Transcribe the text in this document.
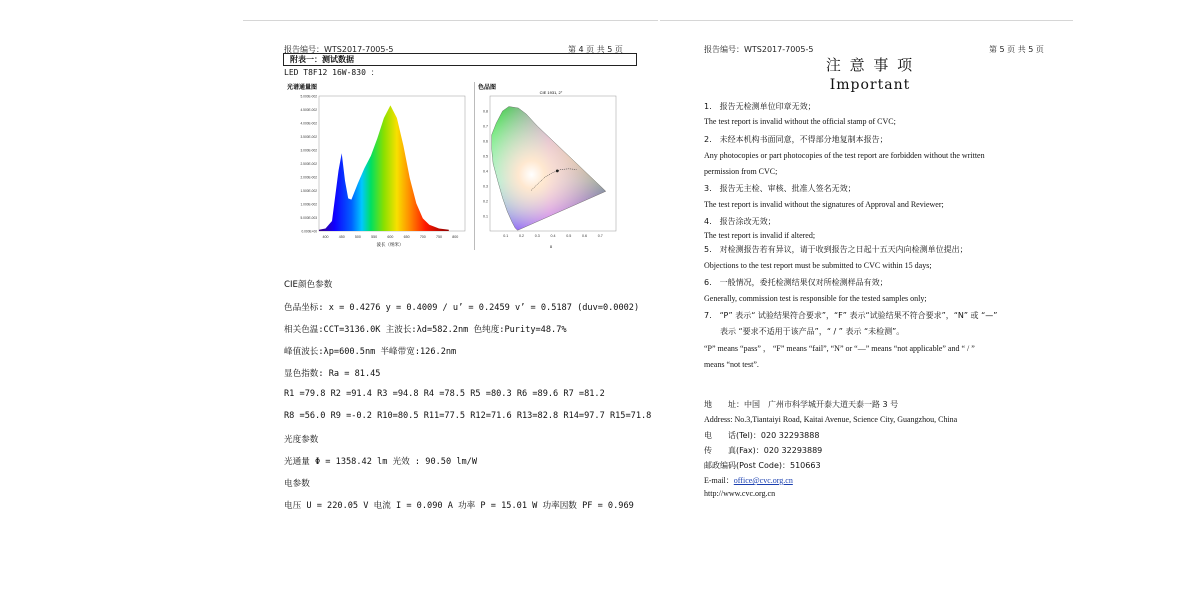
报告编号：WTS2017-7005-5	第 4 页 共 5 页
附表一：测试数据
LED T8F12 16W-830 ：
光谱通量图
0.000E+00
5.000E-003
1.000E-002
1.500E-002
2.000E-002
2.500E-002
3.000E-002
3.500E-002
4.000E-002
4.500E-002
5.000E-002
400	450	500	550	600	650	700	750	800
波长（纳米）
色品图
CIE 1931, 2°
0.1	0.2	0.3	0.4	0.5	0.6	0.7
0.1
0.2
0.3
0.4
0.5
0.6
0.7
0.8
x
CIE颜色参数
色品坐标: x = 0.4276 y = 0.4009 / u’ = 0.2459 v’ = 0.5187 (duv=0.0002)
相关色温:CCT=3136.0K 主波长:λd=582.2nm 色纯度:Purity=48.7%
峰值波长:λp=600.5nm 半峰带宽:126.2nm
显色指数: Ra = 81.45
R1 =79.8 R2 =91.4 R3 =94.8 R4 =78.5 R5 =80.3 R6 =89.6 R7 =81.2
R8 =56.0 R9 =-0.2 R10=80.5 R11=77.5 R12=71.6 R13=82.8 R14=97.7 R15=71.8
光度参数
光通量 Φ = 1358.42 lm 光效 : 90.50 lm/W
电参数
电压 U = 220.05 V 电流 I = 0.090 A 功率 P = 15.01 W 功率因数 PF = 0.969
报告编号：WTS2017-7005-5	第 5 页 共 5 页
注 意 事 项
Important
1.　报告无检测单位印章无效；
The test report is invalid without the official stamp of CVC;
2.　未经本机构书面同意，不得部分地复制本报告；
Any photocopies or part photocopies of the test report are forbidden without the written
permission from CVC;
3.　报告无主检、审核、批准人签名无效；
The test report is invalid without the signatures of Approval and Reviewer;
4.　报告涂改无效；
The test report is invalid if altered;
5.　对检测报告若有异议，请于收到报告之日起十五天内向检测单位提出；
Objections to the test report must be submitted to CVC within 15 days;
6.　一般情况，委托检测结果仅对所检测样品有效；
Generally, commission test is responsible for the tested samples only;
7.　“P” 表示“ 试验结果符合要求”，“F” 表示“试验结果不符合要求”，“N” 或 “—”
　　表示 “要求不适用于该产品”，“ / ” 表示 “未检测”。
“P” means “pass” ， “F” means “fail”, “N” or “—” means “not applicable” and “ / ”
means “not test”.
地　　址：中国　广州市科学城开泰大道天泰一路 3 号
Address: No.3,Tiantaiyi Road, Kaitai Avenue, Science City, Guangzhou, China
电　　话(Tel)：020 32293888
传　　真(Fax)：020 32293889
邮政编码(Post Code)：510663
E-mail：office@cvc.org.cn
http://www.cvc.org.cn
